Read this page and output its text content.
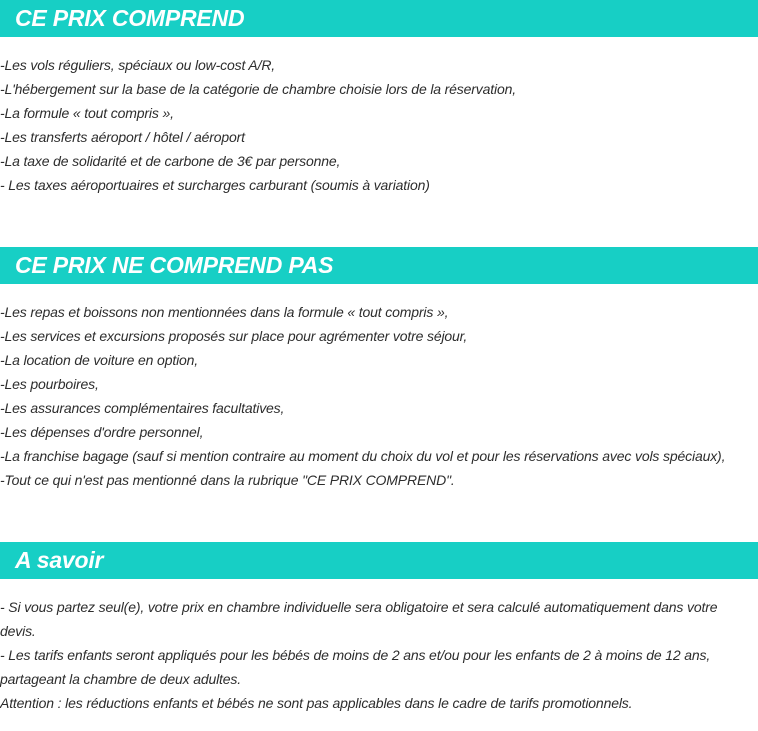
CE PRIX COMPREND
-Les vols réguliers, spéciaux ou low-cost A/R,
-L'hébergement sur la base de la catégorie de chambre choisie lors de la réservation,
-La formule « tout compris »,
-Les transferts aéroport / hôtel / aéroport
-La taxe de solidarité et de carbone de 3€ par personne,
- Les taxes aéroportuaires et surcharges carburant (soumis à variation)
CE PRIX NE COMPREND PAS
-Les repas et boissons non mentionnées dans la formule « tout compris »,
-Les services et excursions proposés sur place pour agrémenter votre séjour,
-La location de voiture en option,
-Les pourboires,
-Les assurances complémentaires facultatives,
-Les dépenses d'ordre personnel,
-La franchise bagage (sauf si mention contraire au moment du choix du vol et pour les réservations avec vols spéciaux),
-Tout ce qui n'est pas mentionné dans la rubrique "CE PRIX COMPREND".
A savoir

- Si vous partez seul(e), votre prix en chambre individuelle sera obligatoire et sera calculé automatiquement dans votre devis.

- Les tarifs enfants seront appliqués pour les bébés de moins de 2 ans et/ou pour les enfants de 2 à moins de 12 ans, partageant la chambre de deux adultes.

Attention : les réductions enfants et bébés ne sont pas applicables dans le cadre de tarifs promotionnels.
